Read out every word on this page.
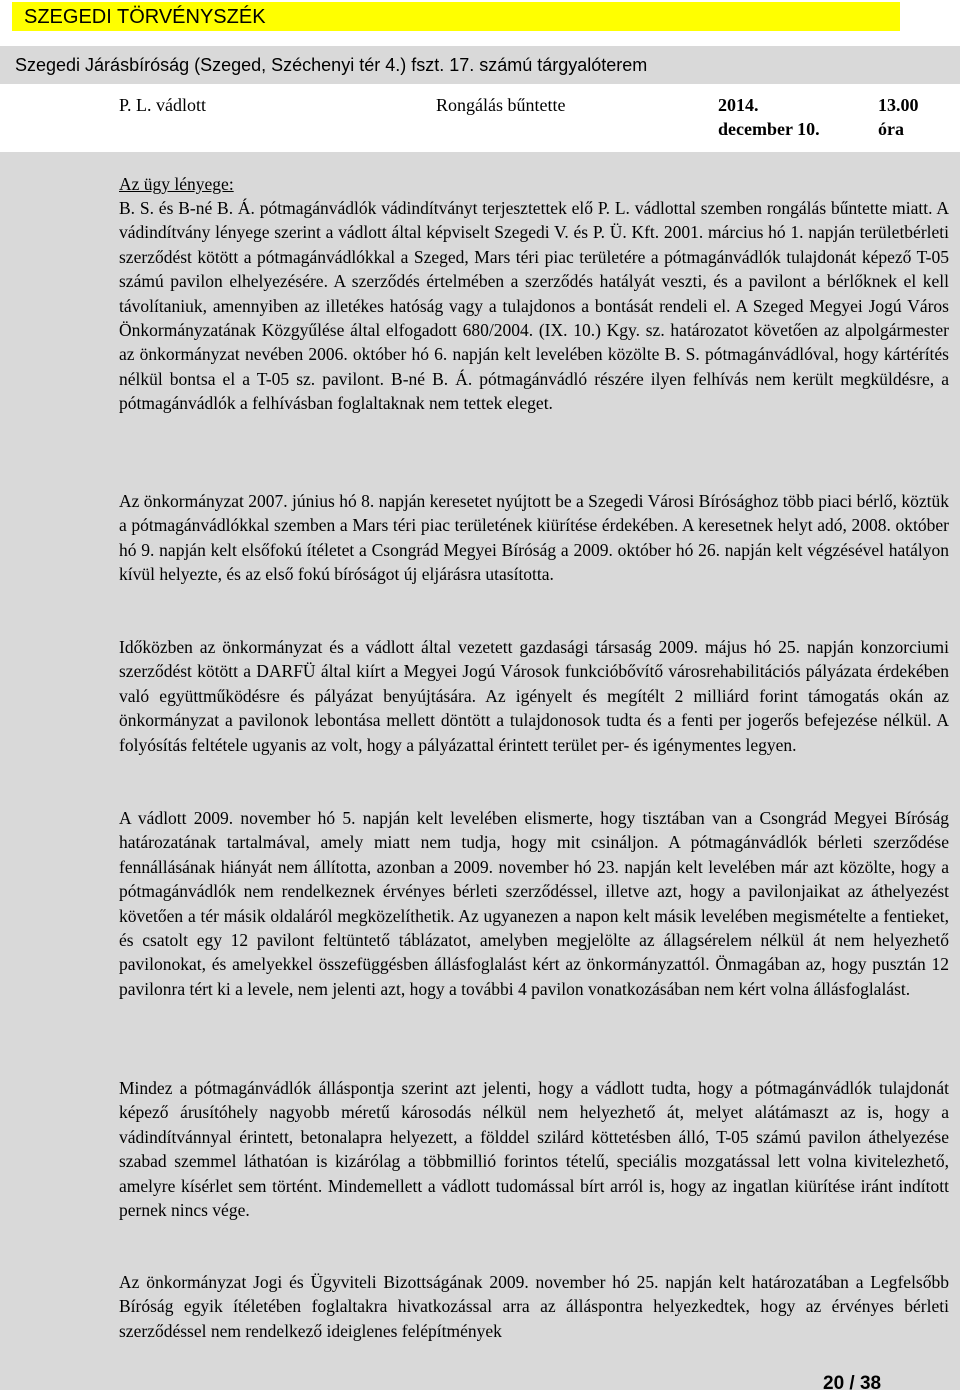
SZEGEDI TÖRVÉNYSZÉK
Szegedi Járásbíróság (Szeged, Széchenyi tér 4.) fszt. 17. számú tárgyalóterem
P. L. vádlott	Rongálás bűntette	2014. december 10.
13.00 óra

Az ügy lényege:

B. S. és B-né B. Á. pótmagánvádlók vádindítványt terjesztettek elő P. L. vádlottal szemben rongálás bűntette miatt. A vádindítvány lényege szerint a vádlott által képviselt Szegedi V. és P. Ü. Kft. 2001. március hó 1. napján területbérleti szerződést kötött a pótmagánvádlókkal a Szeged, Mars téri piac területére a pótmagánvádlók tulajdonát képező T-05 számú pavilon elhelyezésére. A szerződés értelmében a szerződés hatályát veszti, és a pavilont a bérlőknek el kell távolítaniuk, amennyiben az illetékes hatóság vagy a tulajdonos a bontását rendeli el. A Szeged Megyei Jogú Város Önkormányzatának Közgyűlése által elfogadott 680/2004. (IX. 10.) Kgy. sz. határozatot követően az alpolgármester az önkormányzat nevében 2006. október hó 6. napján kelt levelében közölte B. S. pótmagánvádlóval, hogy kártérítés nélkül bontsa el a T-05 sz. pavilont. B-né B. Á. pótmagánvádló részére ilyen felhívás nem került megküldésre, a pótmagánvádlók a felhívásban foglaltaknak nem tettek eleget.

Az önkormányzat 2007. június hó 8. napján keresetet nyújtott be a Szegedi Városi Bírósághoz több piaci bérlő, köztük a pótmagánvádlókkal szemben a Mars téri piac területének kiürítése érdekében. A keresetnek helyt adó, 2008. október hó 9. napján kelt elsőfokú ítéletet a Csongrád Megyei Bíróság a 2009. október hó 26. napján kelt végzésével hatályon kívül helyezte, és az első fokú bíróságot új eljárásra utasította.

Időközben az önkormányzat és a vádlott által vezetett gazdasági társaság 2009. május hó 25. napján konzorciumi szerződést kötött a DARFÜ által kiírt a Megyei Jogú Városok funkcióbővítő városrehabilitációs pályázata érdekében való együttműködésre és pályázat benyújtására. Az igényelt és megítélt 2 milliárd forint támogatás okán az önkormányzat a pavilonok lebontása mellett döntött a tulajdonosok tudta és a fenti per jogerős befejezése nélkül. A folyósítás feltétele ugyanis az volt, hogy a pályázattal érintett terület per- és igénymentes legyen.

A vádlott 2009. november hó 5. napján kelt levelében elismerte, hogy tisztában van a Csongrád Megyei Bíróság határozatának tartalmával, amely miatt nem tudja, hogy mit csináljon. A pótmagánvádlók bérleti szerződése fennállásának hiányát nem állította, azonban a 2009. november hó 23. napján kelt levelében már azt közölte, hogy a pótmagánvádlók nem rendelkeznek érvényes bérleti szerződéssel, illetve azt, hogy a pavilonjaikat az áthelyezést követően a tér másik oldaláról megközelíthetik. Az ugyanezen a napon kelt másik levelében megismételte a fentieket, és csatolt egy 12 pavilont feltüntető táblázatot, amelyben megjelölte az állagsérelem nélkül át nem helyezhető pavilonokat, és amelyekkel összefüggésben állásfoglalást kért az önkormányzattól. Önmagában az, hogy pusztán 12 pavilonra tért ki a levele, nem jelenti azt, hogy a további 4 pavilon vonatkozásában nem kért volna állásfoglalást.

Mindez a pótmagánvádlók álláspontja szerint azt jelenti, hogy a vádlott tudta, hogy a pótmagánvádlók tulajdonát képező árusítóhely nagyobb méretű károsodás nélkül nem helyezhető át, melyet alátámaszt az is, hogy a vádindítvánnyal érintett, betonalapra helyezett, a földdel szilárd köttetésben álló, T-05 számú pavilon áthelyezése szabad szemmel láthatóan is kizárólag a többmillió forintos tételű, speciális mozgatással lett volna kivitelezhető, amelyre kísérlet sem történt. Mindemellett a vádlott tudomással bírt arról is, hogy az ingatlan kiürítése iránt indított pernek nincs vége.

Az önkormányzat Jogi és Ügyviteli Bizottságának 2009. november hó 25. napján kelt határozatában a Legfelsőbb Bíróság egyik ítéletében foglaltakra hivatkozással arra az álláspontra helyezkedtek, hogy az érvényes bérleti szerződéssel nem rendelkező ideiglenes felépítmények

20 / 38
